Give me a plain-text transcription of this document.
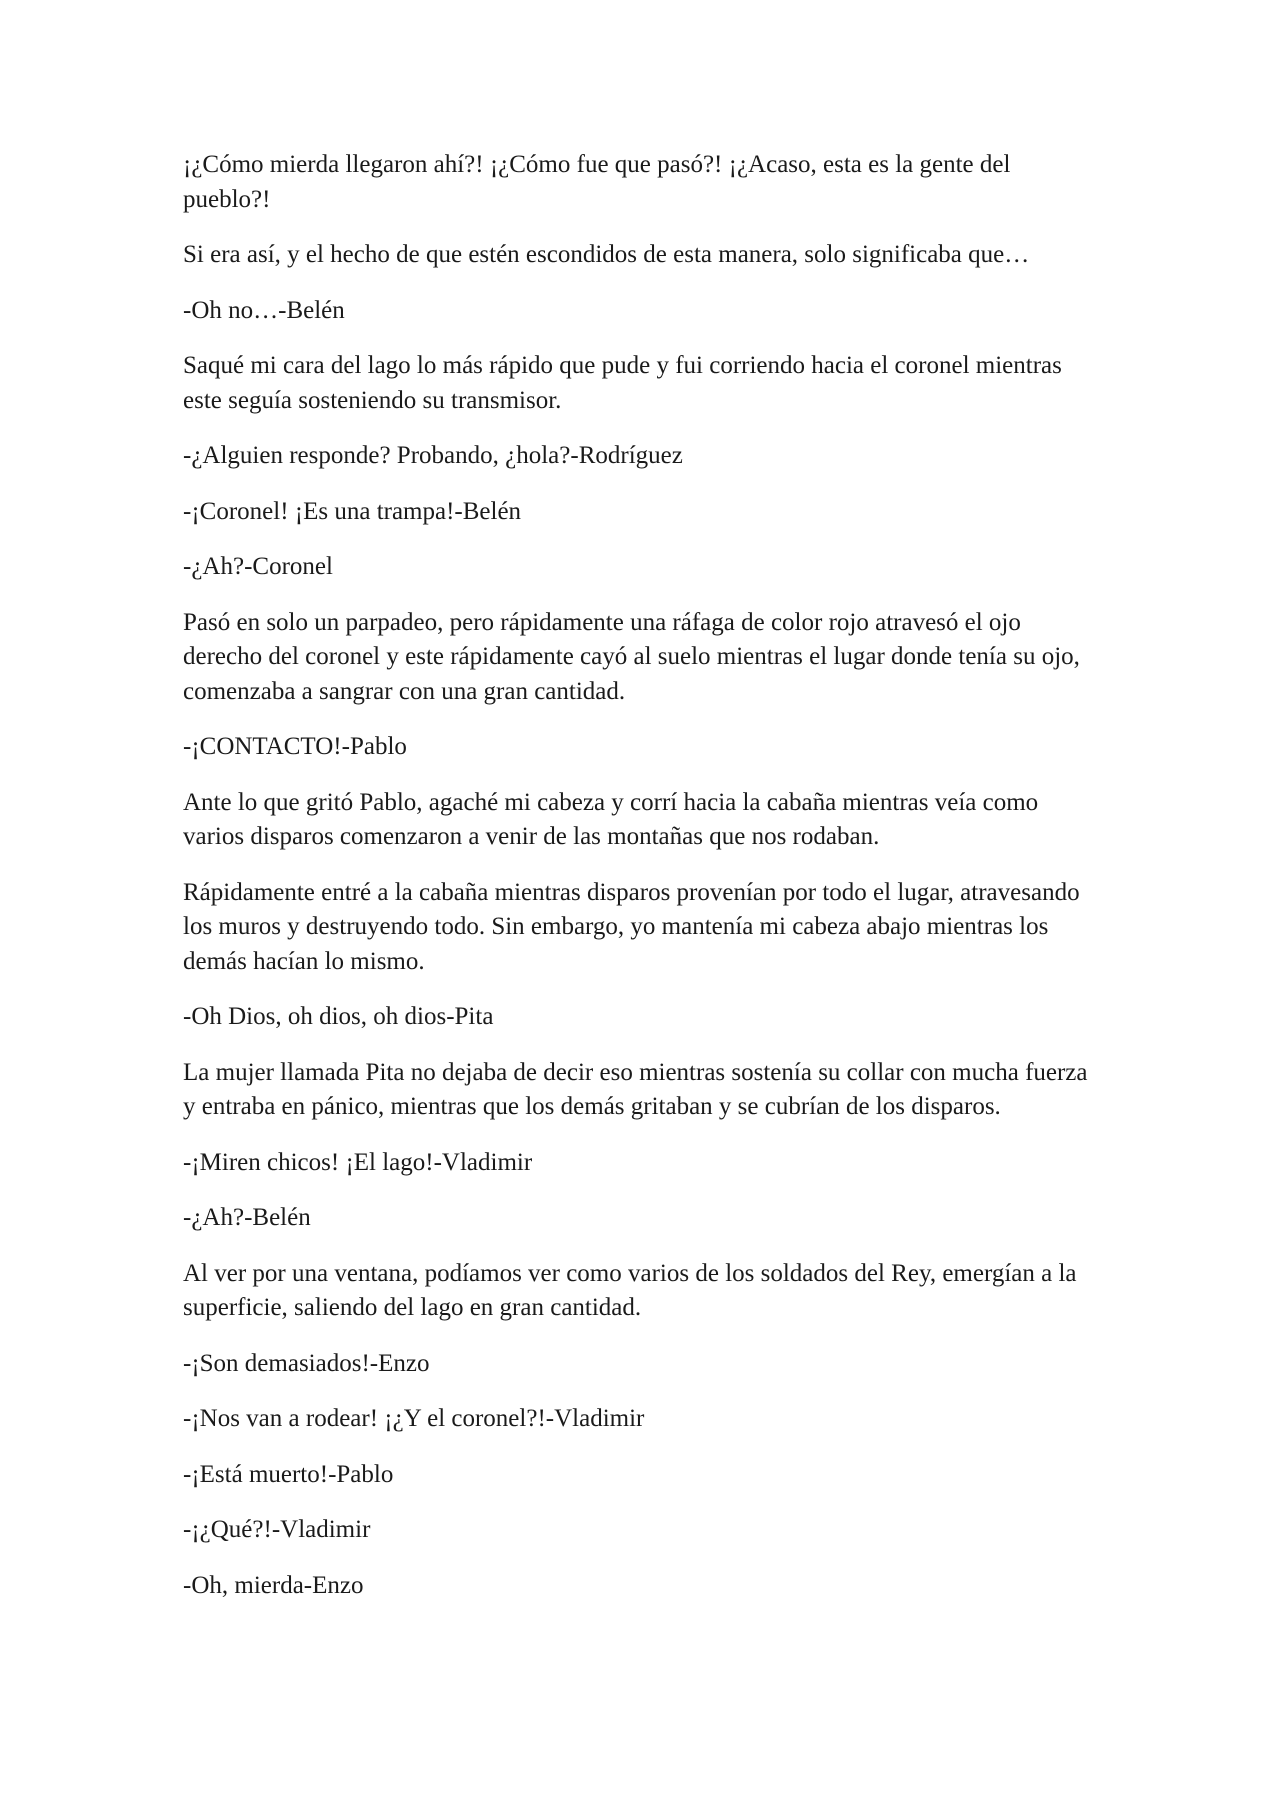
¡¿Cómo mierda llegaron ahí?! ¡¿Cómo fue que pasó?! ¡¿Acaso, esta es la gente del pueblo?!

Si era así, y el hecho de que estén escondidos de esta manera, solo significaba que…

-Oh no…-Belén

Saqué mi cara del lago lo más rápido que pude y fui corriendo hacia el coronel mientras este seguía sosteniendo su transmisor.

-¿Alguien responde? Probando, ¿hola?-Rodríguez

-¡Coronel! ¡Es una trampa!-Belén

-¿Ah?-Coronel

Pasó en solo un parpadeo, pero rápidamente una ráfaga de color rojo atravesó el ojo derecho del coronel y este rápidamente cayó al suelo mientras el lugar donde tenía su ojo, comenzaba a sangrar con una gran cantidad.

-¡CONTACTO!-Pablo

Ante lo que gritó Pablo, agaché mi cabeza y corrí hacia la cabaña mientras veía como varios disparos comenzaron a venir de las montañas que nos rodaban.

Rápidamente entré a la cabaña mientras disparos provenían por todo el lugar, atravesando los muros y destruyendo todo. Sin embargo, yo mantenía mi cabeza abajo mientras los demás hacían lo mismo.

-Oh Dios, oh dios, oh dios-Pita

La mujer llamada Pita no dejaba de decir eso mientras sostenía su collar con mucha fuerza y entraba en pánico, mientras que los demás gritaban y se cubrían de los disparos.

-¡Miren chicos! ¡El lago!-Vladimir

-¿Ah?-Belén

Al ver por una ventana, podíamos ver como varios de los soldados del Rey, emergían a la superficie, saliendo del lago en gran cantidad.

-¡Son demasiados!-Enzo

-¡Nos van a rodear! ¡¿Y el coronel?!-Vladimir

-¡Está muerto!-Pablo

-¡¿Qué?!-Vladimir

-Oh, mierda-Enzo
